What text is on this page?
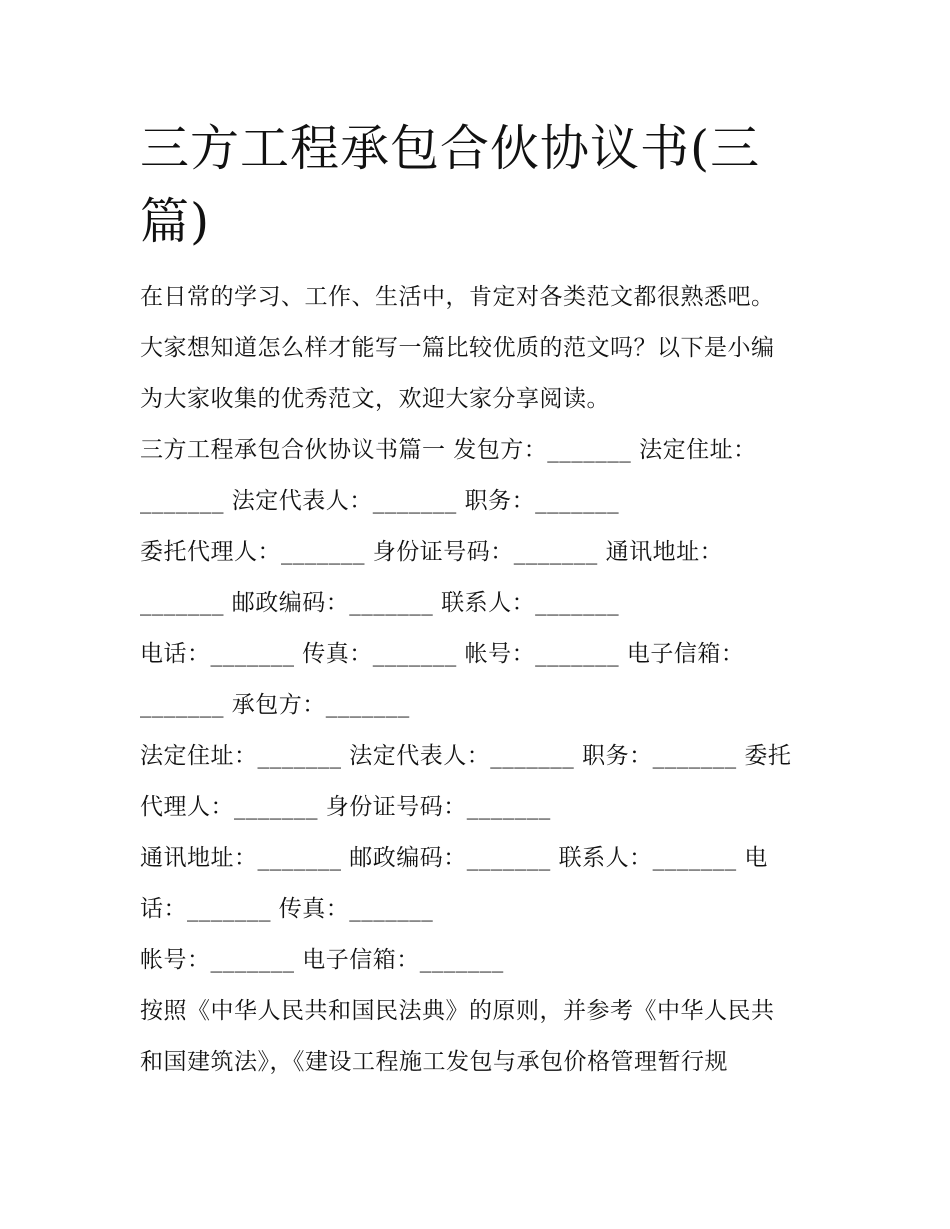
三方工程承包合伙协议书(三
篇)
在日常的学习、工作、生活中，肯定对各类范文都很熟悉吧。
大家想知道怎么样才能写一篇比较优质的范文吗？以下是小编
为大家收集的优秀范文，欢迎大家分享阅读。
三方工程承包合伙协议书篇一 发包方：_______ 法定住址：
_______ 法定代表人：_______ 职务：_______
委托代理人：_______ 身份证号码：_______ 通讯地址：
_______ 邮政编码：_______ 联系人：_______
电话：_______ 传真：_______ 帐号：_______ 电子信箱：
_______ 承包方：_______
法定住址：_______ 法定代表人：_______ 职务：_______ 委托
代理人：_______ 身份证号码：_______
通讯地址：_______ 邮政编码：_______ 联系人：_______ 电
话：_______ 传真：_______
帐号：_______ 电子信箱：_______
按照《中华人民共和国民法典》的原则，并参考《中华人民共
和国建筑法》，《建设工程施工发包与承包价格管理暂行规
